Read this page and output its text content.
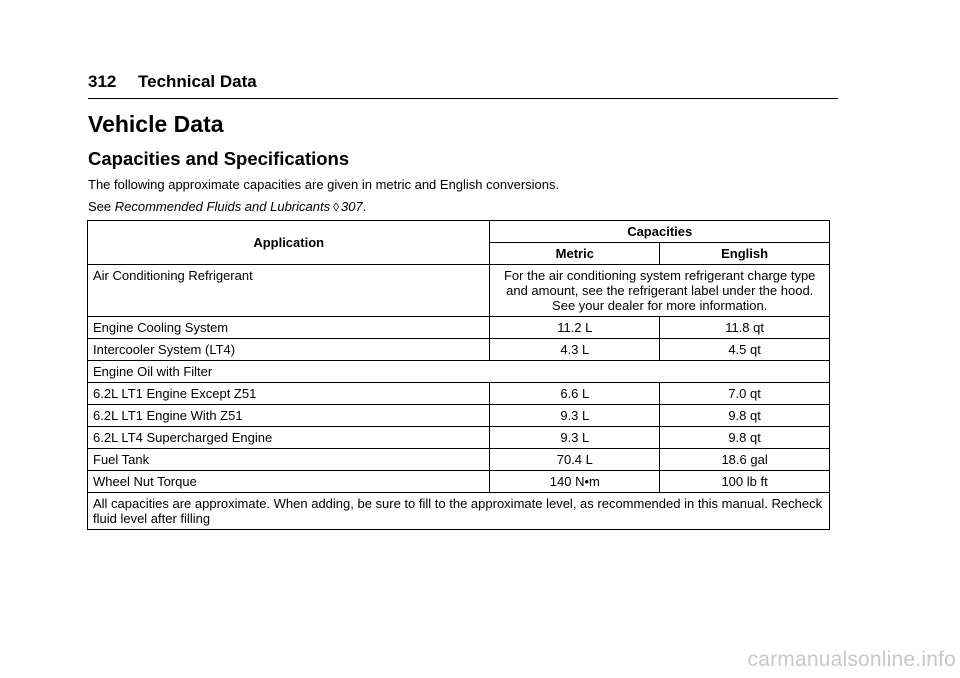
312 Technical Data
Vehicle Data
Capacities and Specifications
The following approximate capacities are given in metric and English conversions.
See Recommended Fluids and Lubricants ◊ 307.
Application	Capacities	
	Metric	English
Air Conditioning Refrigerant	For the air conditioning system refrigerant charge type and amount, see the refrigerant label under the hood. See your dealer for more information.	
Engine Cooling System	11.2 L	11.8 qt
Intercooler System (LT4)	4.3 L	4.5 qt
Engine Oil with Filter		
6.2L LT1 Engine Except Z51	6.6 L	7.0 qt
6.2L LT1 Engine With Z51	9.3 L	9.8 qt
6.2L LT4 Supercharged Engine	9.3 L	9.8 qt
Fuel Tank	70.4 L	18.6 gal
Wheel Nut Torque	140 N•m	100 lb ft
All capacities are approximate. When adding, be sure to fill to the approximate level, as recommended in this manual. Recheck fluid level after filling		
carmanualsonline.info
